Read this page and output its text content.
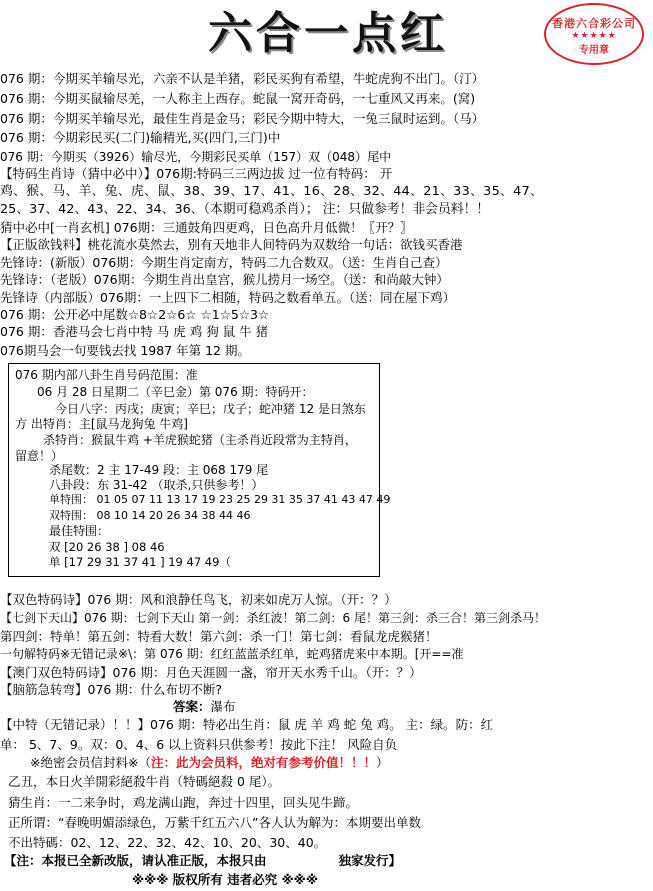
六合一点红	香港六合彩公司
★★★★★
专用章
076 期：今期买羊输尽光，六亲不认是羊猪，彩民买狗有希望，牛蛇虎狗不出门。（汀）
076 期：今期买鼠输尽羌，一人称主上西存。蛇鼠一窝开奇码，一七重风又再来。(窝)
076 期：今期买羊输尽光，最佳生肖是金马；彩民今期中特大，一兔三鼠时运到。（马）
076 期：今期彩民买(二门)输精光,买(四门,三门)中
076 期：今期买（3926）输尽光，今期彩民买单（157）双（048）尾中
【特码生肖诗（猜中必中）】076期:特码三三两边拔 过一位有特码： 开
鸡、猴、马、羊、兔、虎、鼠、38、39、17、41、16、28、32、44、21、33、35、47、
25、37、42、43、22、34、36、（本期可稳鸡杀肖）； 注：只做参考！非会员料！！
猜中必中[一肖玄机] 076期：三通鼓角四更鸡，日色高升月低微！〖开？〗
【正版欲钱料】桃花流水莫然去，别有天地非人间特码为双数给一句话：欲钱买香港
先锋诗：(新版）076期：今期生肖定南方，特码二九合数双。（送：生肖自己查）
先锋诗：（老版）076期：今期生肖出皇宫，猴儿捞月一场空。（送：和尚敲大钟）
先锋诗（内部版）076期：一上四下二相随，特码之数看单五。（送：同在屋下鸡）
076 期：公开必中尾数☆8☆2☆6☆ ☆1☆5☆3☆
076 期：香港马会七肖中特 马 虎 鸡 狗 鼠 牛 猪
076期马会一句要钱去找 1987 年第 12 期。
076 期内部八卦生肖号码范围：准
06 月 28 日星期二（辛巳金）第 076 期：特码开：
今日八字：丙戌；庚寅；辛巳；戊子；蛇冲猪 12 是日煞东
方 出特肖：主[鼠马龙狗兔 牛鸡]
杀特肖：猴鼠牛鸡 +羊虎猴蛇猪（主杀肖近段常为主特肖，
留意！）
杀尾数：2 主 17-49 段：主 068 179 尾
八卦段：东 31-42 （取杀,只供参考！）
单特围： 01 05 07 11 13 17 19 23 25 29 31 35 37 41 43 47 49
双特围： 08 10 14 20 26 34 38 44 46
最佳特围：
双 [20 26 38 ] 08 46
单 [17 29 31 37 41 ] 19 47 49（
【双色特码诗】076 期：风和浪静任鸟飞，初来如虎万人惊。（开：？）
【七剑下天山】076 期：七剑下天山 第一剑：杀红波！第二剑：6 尾！第三剑：杀三合！第三剑杀马！
第四剑：特单！第五剑：特看大数！第六剑：杀一门！第七剑：看鼠龙虎猴猪！
一句解特码※无错记录※\：第 076 期：红红蓝蓝杀红单，蛇鸡猪虎来中本期。[开==准
【澳门双色特码诗】076 期：月色天涯圆一盏，帘开天水秀千山。（开：？）
【脑筋急转弯】076 期：什么布切不断?
答案：瀑布
【中特（无错记录）！！】076 期：特必出生肖：鼠 虎 羊 鸡 蛇 兔 鸡。 主：绿。防：红
单： 5、7、9。双：0、4、6 以上资料只供参考！按此下注！ 风险自负
※绝密会员信封料※（注：此为会员料，绝对有参考价值！！！）
乙丑，本日火羊開彩絕殺牛肖（特碼絕殺 0 尾）。
猜生肖：一二来争时，鸡龙满山跑，奔过十四里，回头见牛蹄。
正所谓：“春晚明媚添绿色，万紫千红五六八”各人认为解为：本期要出单数
不出特碼：02、12、22、32、42、10、20、30、40。
【注：本报已全新改版，请认准正版，本报只由	独家发行】
※※※ 版权所有 违者必究 ※※※
